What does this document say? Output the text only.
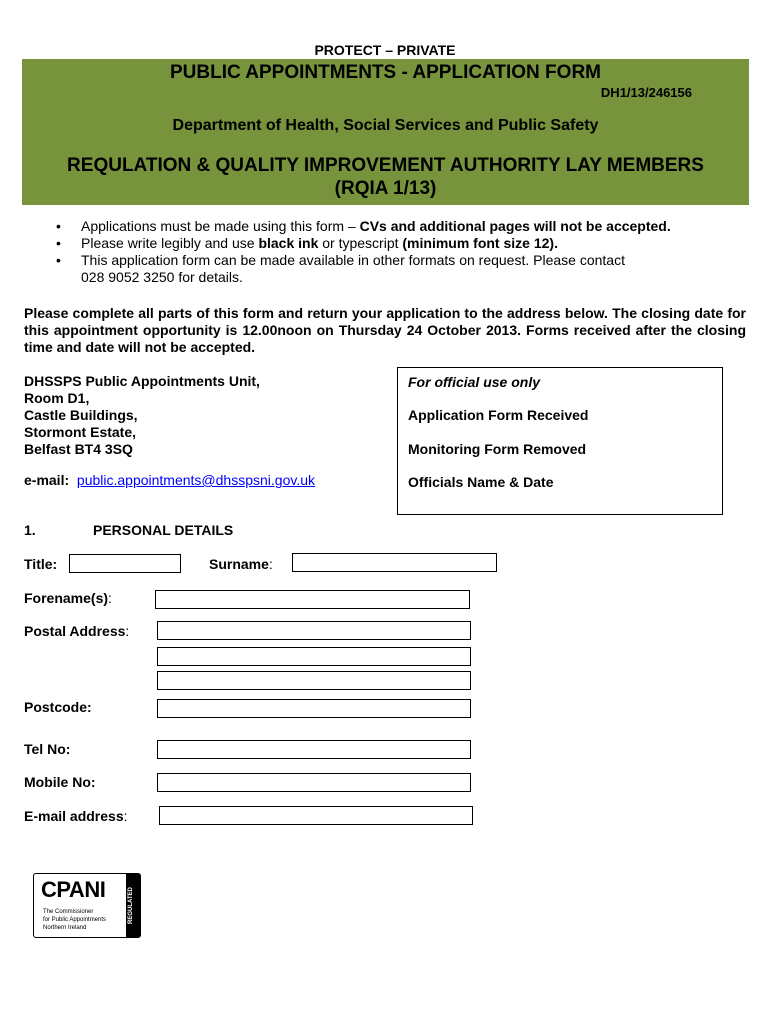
PROTECT – PRIVATE
PUBLIC APPOINTMENTS - APPLICATION FORM
DH1/13/246156
Department of Health, Social Services and Public Safety
REQULATION & QUALITY IMPROVEMENT AUTHORITY LAY MEMBERS
(RQIA 1/13)
• Applications must be made using this form – CVs and additional pages will not be accepted.
• Please write legibly and use black ink or typescript (minimum font size 12).
• This application form can be made available in other formats on request. Please contact
028 9052 3250 for details.
Please complete all parts of this form and return your application to the address below. The closing date for this appointment opportunity is 12.00noon on Thursday 24 October 2013. Forms received after the closing time and date will not be accepted.
DHSSPS Public Appointments Unit,
Room D1,
Castle Buildings,
Stormont Estate,
Belfast BT4 3SQ
e-mail: public.appointments@dhsspsni.gov.uk
For official use only
Application Form Received
Monitoring Form Removed
Officials Name & Date
1.	PERSONAL DETAILS
Title:	Surname:
Forename(s):
Postal Address:
Postcode:
Tel No:
Mobile No:
E-mail address:
CPANI
The Commissioner
for Public Appointments
Northern Ireland
REGULATED
